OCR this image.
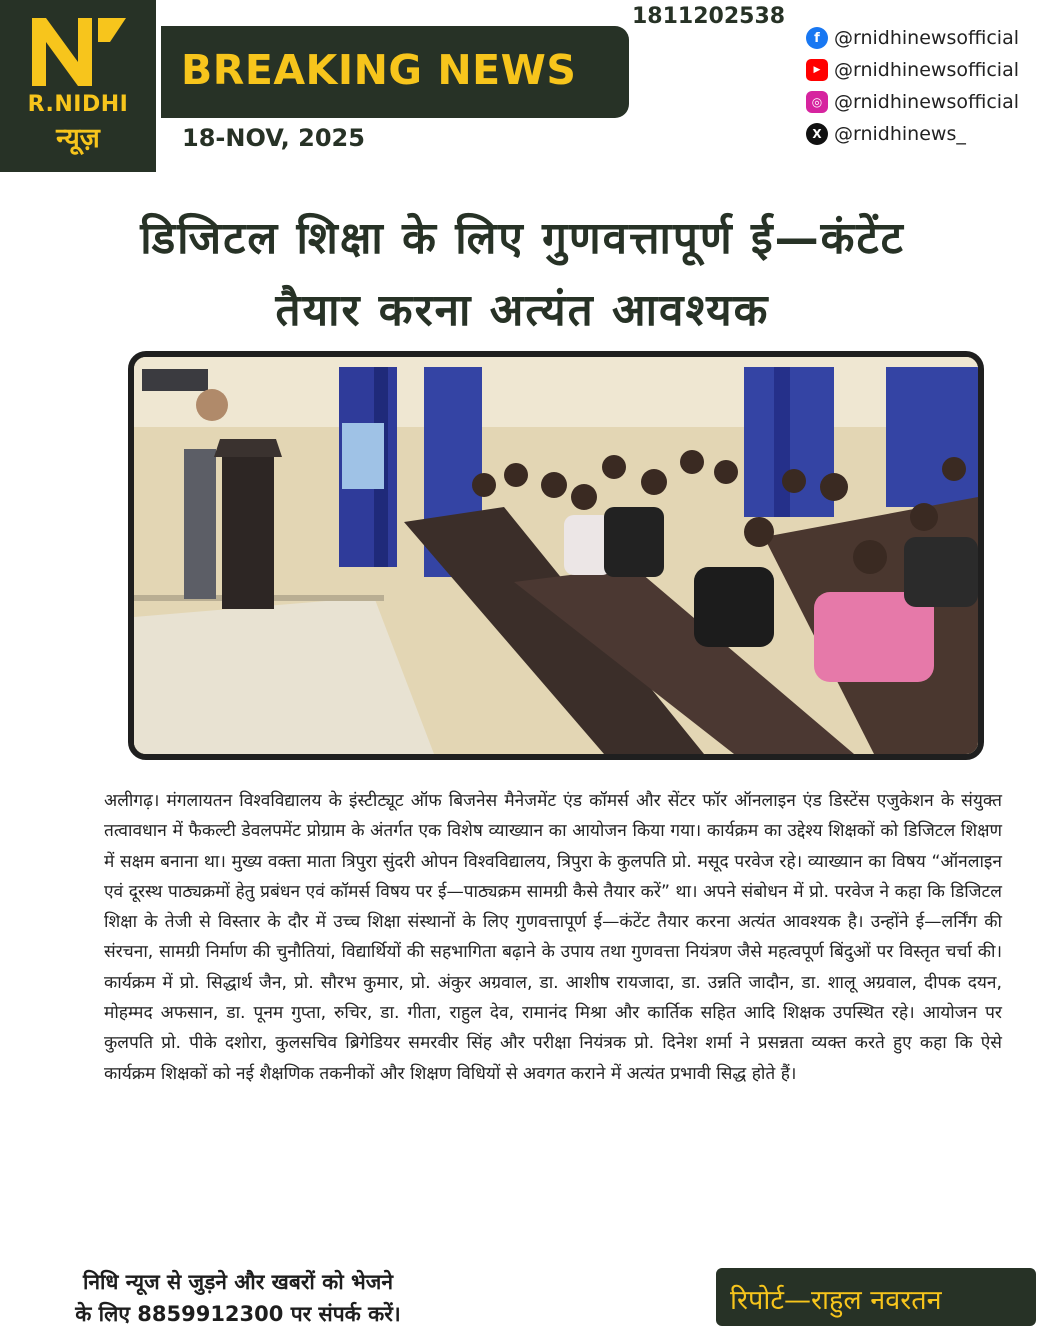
R.NIDHI
न्यूज़
BREAKING NEWS
18-NOV, 2025
1811202538
f @rnidhinewsofficial
▶ @rnidhinewsofficial
◎ @rnidhinewsofficial
X @rnidhinews_
डिजिटल शिक्षा के लिए गुणवत्तापूर्ण ई—कंटेंट
तैयार करना अत्यंत आवश्यक
अलीगढ़। मंगलायतन विश्वविद्यालय के इंस्टीट्यूट ऑफ बिजनेस मैनेजमेंट एंड कॉमर्स और सेंटर फॉर ऑनलाइन एंड डिस्टेंस एजुकेशन के संयुक्त तत्वावधान में फैकल्टी डेवलपमेंट प्रोग्राम के अंतर्गत एक विशेष व्याख्यान का आयोजन किया गया। कार्यक्रम का उद्देश्य शिक्षकों को डिजिटल शिक्षण में सक्षम बनाना था। मुख्य वक्ता माता त्रिपुरा सुंदरी ओपन विश्वविद्यालय, त्रिपुरा के कुलपति प्रो. मसूद परवेज रहे। व्याख्यान का विषय “ऑनलाइन एवं दूरस्थ पाठ्यक्रमों हेतु प्रबंधन एवं कॉमर्स विषय पर ई—पाठ्यक्रम सामग्री कैसे तैयार करें” था। अपने संबोधन में प्रो. परवेज ने कहा कि डिजिटल शिक्षा के तेजी से विस्तार के दौर में उच्च शिक्षा संस्थानों के लिए गुणवत्तापूर्ण ई—कंटेंट तैयार करना अत्यंत आवश्यक है। उन्होंने ई—लर्निंग की संरचना, सामग्री निर्माण की चुनौतियां, विद्यार्थियों की सहभागिता बढ़ाने के उपाय तथा गुणवत्ता नियंत्रण जैसे महत्वपूर्ण बिंदुओं पर विस्तृत चर्चा की। कार्यक्रम में प्रो. सिद्धार्थ जैन, प्रो. सौरभ कुमार, प्रो. अंकुर अग्रवाल, डा. आशीष रायजादा, डा. उन्नति जादौन, डा. शालू अग्रवाल, दीपक दयन, मोहम्मद अफसान, डा. पूनम गुप्ता, रुचिर, डा. गीता, राहुल देव, रामानंद मिश्रा और कार्तिक सहित आदि शिक्षक उपस्थित रहे। आयोजन पर कुलपति प्रो. पीके दशोरा, कुलसचिव ब्रिगेडियर समरवीर सिंह और परीक्षा नियंत्रक प्रो. दिनेश शर्मा ने प्रसन्नता व्यक्त करते हुए कहा कि ऐसे कार्यक्रम शिक्षकों को नई शैक्षणिक तकनीकों और शिक्षण विधियों से अवगत कराने में अत्यंत प्रभावी सिद्ध होते हैं।
निधि न्यूज से जुड़ने और खबरों को भेजने
के लिए 8859912300 पर संपर्क करें।	रिपोर्ट—राहुल नवरतन
